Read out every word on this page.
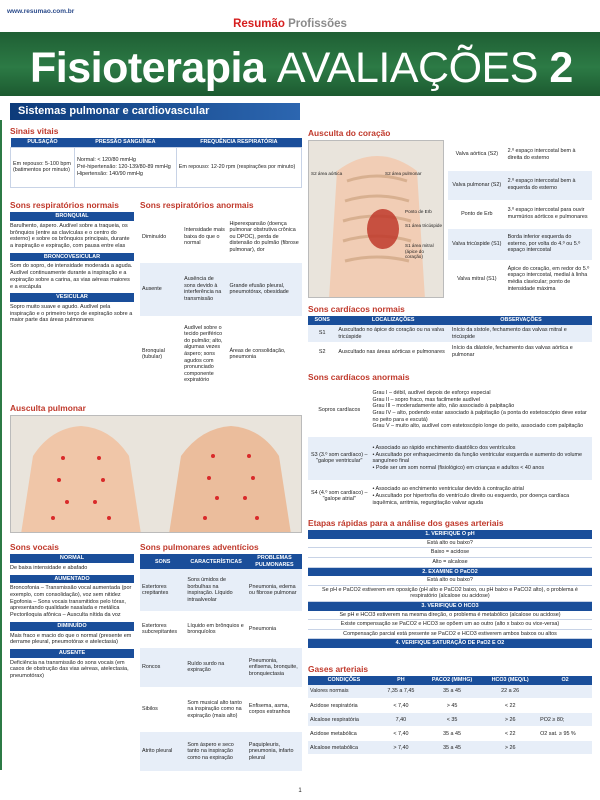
www.resumao.com.br
Resumão Profissões
Fisioterapia AVALIAÇÕES 2
Sistemas pulmonar e cardiovascular
Sinais vitais
PULSAÇÃO	PRESSÃO SANGUÍNEA	FREQUÊNCIA RESPIRATÓRIA
Em repouso: 5-100 bpm (batimentos por minuto)	Normal: < 120/80 mmHg
Pré-hipertensão: 120-139/80-89 mmHg
Hipertensão: 140/90 mmHg	Em repouso: 12-20 rpm (respirações por minuto)
Sons respiratórios normais
BRONQUIAL
Barulhento, áspero. Audível sobre a traqueia, os brônquios (entre as clavículas e o centro do esterno) e sobre os brônquios principais, durante a inspiração e expiração, com pausa entre elas
BRONCOVESICULAR
Som do sopro, de intensidade moderada a aguda. Audível continuamente durante a inspiração e a expiração sobre a carina, as vias aéreas maiores e a escápula
VESICULAR
Sopro muito suave e agudo. Audível pela inspiração e o primeiro terço de expiração sobre a maior parte das áreas pulmonares
Sons respiratórios anormais
Diminuído	Intensidade mais baixa do que o normal	Hiperexpansão (doença pulmonar obstrutiva crônica ou DPOC), perda de distensão do pulmão (fibrose pulmonar), dor
Ausente	Ausência de sons devido à interferência na transmissão	Grande efusão pleural, pneumotórax, obesidade
Bronquial (tubular)	Audível sobre o tecido periférico do pulmão; alto, algumas vezes áspero; sons agudos com pronunciado componente expiratório	Áreas de consolidação, pneumonia
Ausculta pulmonar
Sons vocais
NORMAL
De baixa intensidade e abafado
AUMENTADO
Broncofonia – Transmissão vocal aumentada (por exemplo, com consolidação), voz sem nitidez
Egofonia – Sons vocais transmitidos pelo tórax, apresentando qualidade nasalada e metálica
Pectoriloquia afônica – Ausculta nítida da voz
DIMINUÍDO
Mais fraco e macio do que o normal (presente em derrame pleural, pneumotórax e atelectasia)
AUSENTE
Deficiência na transmissão do sons vocais (em casos de obstrução das vias aéreas, atelectasia, pneumotórax)
Sons pulmonares adventícios
SONS	CARACTERÍSTICAS	PROBLEMAS PULMONARES
Estertores crepitantes	Sons úmidos de borbulhas na inspiração. Líquido intraalveolar	Pneumonia, edema ou fibrose pulmonar
Estertores subcrepitantes	Líquido em brônquios e bronquíolos	Pneumonia
Roncos	Ruído surdo na expiração	Pneumonia, enfisema, bronquite, bronquiectasia
Sibilos	Som musical alto tanto na inspiração como na expiração (mais alto)	Enfisema, asma, corpos estranhos
Atrito pleural	Som áspero e seco tanto na inspiração como na expiração	Paquipleuris, pneumonia, infarto pleural
Ausculta do coração
S2 área aórtica	S2 área pulmonar
Ponto de Erb
S1 área tricúspide
S1 área mitral (ápice do coração)
Valva aórtica (S2)	2.º espaço intercostal bem à direita do esterno
Valva pulmonar (S2)	2.º espaço intercostal bem à esquerda do esterno
Ponto de Erb	3.º espaço intercostal para ouvir murmúrios aórticos e pulmonares
Valva tricúspide (S1)	Borda inferior esquerda do esterno, por volta do 4.º ou 5.º espaço intercostal
Valva mitral (S1)	Ápice do coração, em redor do 5.º espaço intercostal, medial à linha média clavicular; ponto de intensidade máxima
Sons cardíacos normais
SONS	LOCALIZAÇÕES	OBSERVAÇÕES
S1	Auscultado no ápice do coração ou na valva tricúspide	Início da sístole, fechamento das valvas mitral e tricúspide
S2	Auscultado nas áreas aórticas e pulmonares	Início da diástole, fechamento das valvas aórtica e pulmonar
Sons cardíacos anormais
Sopros cardíacos	Grau I – débil, audível depois de esforço especial
Grau II – sopro fraco, mas facilmente audível
Grau III – moderadamente alto, não associado à palpitação
Grau IV – alto, podendo estar associado à palpitação (a ponta do estetoscópio deve estar no peito para e escutá)
Grau V – muito alto, audível com estetoscópio longe do peito, associado com palpitação
S3 (3.º som cardíaco) – "galope ventricular"	• Associado ao rápido enchimento diastólico dos ventrículos
• Auscultado por enfraquecimento da função ventricular esquerda e aumento do volume sanguíneo final
• Pode ser um som normal (fisiológico) em crianças e adultos < 40 anos
S4 (4.º som cardíaco) – "galope atrial"	• Associado ao enchimento ventricular devido à contração atrial
• Auscultado por hipertrofia do ventrículo direito ou esquerdo, por doença cardíaca isquêmica, arritmia, regurgitação valvar aguda
Etapas rápidas para a análise dos gases arteriais
1. VERIFIQUE O pH
Está alto ou baixo?
Baixo = acidose
Alto = alcalose
2. EXAMINE O PaCO2
Está alto ou baixo?
Se pH e PaCO2 estiverem em oposição (pH alto e PaCO2 baixo, ou pH baixo e PaCO2 alto), o problema é respiratório (alcalose ou acidose)
3. VERIFIQUE O HCO3
Se pH e HCO3 estiverem na mesma direção, o problema é metabólico (alcalose ou acidose)
Existe compensação se PaCO2 e HCO3 se opõem um ao outro (alto x baixo ou vice-versa)
Compensação parcial está presente se PaCO2 e HCO3 estiverem ambos baixos ou altos
4. VERIFIQUE SATURAÇÃO DE PaO2 E O2
Gases arteriais
CONDIÇÕES	PH	PACO2 (MMHG)	HCO3 (MEQ/L)	O2
Valores normais	7,35 a 7,45	35 a 45	22 a 26	
Acidose respiratória	< 7,40	> 45	< 22	
Alcalose respiratória	7,40	< 35	> 26	PO2 ≥ 80;
Acidose metabólica	< 7,40	35 a 45	< 22	O2 sat. ≥ 95 %
Alcalose metabólica	> 7,40	35 a 45	> 26	
1
